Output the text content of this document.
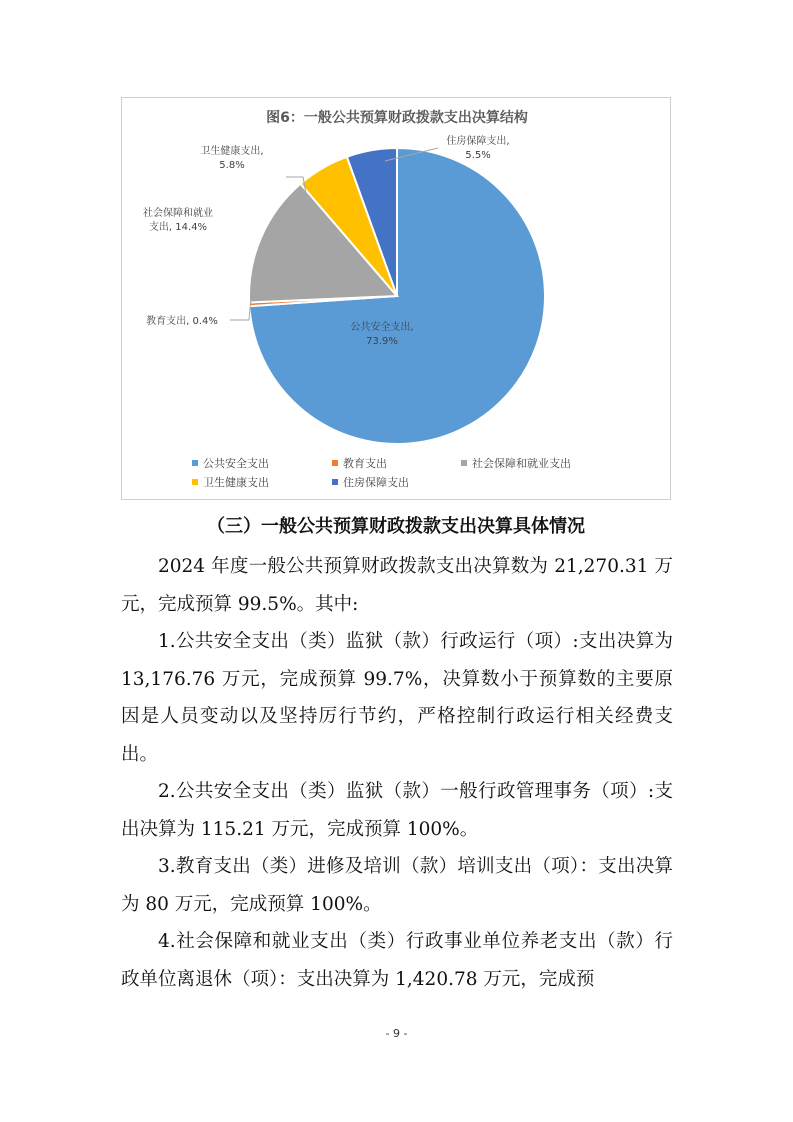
图6：一般公共预算财政拨款支出决算结构
公共安全支出,
73.9%
教育支出, 0.4%
社会保障和就业
支出, 14.4%
卫生健康支出,
5.8%
住房保障支出,
5.5%
公共安全支出	教育支出	社会保障和就业支出
卫生健康支出	住房保障支出
（三）一般公共预算财政拨款支出决算具体情况

2024 年度一般公共预算财政拨款支出决算数为 21,270.31 万元，完成预算 99.5%。其中:

1.公共安全支出（类）监狱（款）行政运行（项）:支出决算为 13,176.76 万元，完成预算 99.7%，决算数小于预算数的主要原因是人员变动以及坚持厉行节约，严格控制行政运行相关经费支出。

2.公共安全支出（类）监狱（款）一般行政管理事务（项）:支出决算为 115.21 万元，完成预算 100%。

3.教育支出（类）进修及培训（款）培训支出（项）：支出决算为 80 万元，完成预算 100%。

4.社会保障和就业支出（类）行政事业单位养老支出（款）行政单位离退休（项）：支出决算为 1,420.78 万元，完成预

- 9 -
